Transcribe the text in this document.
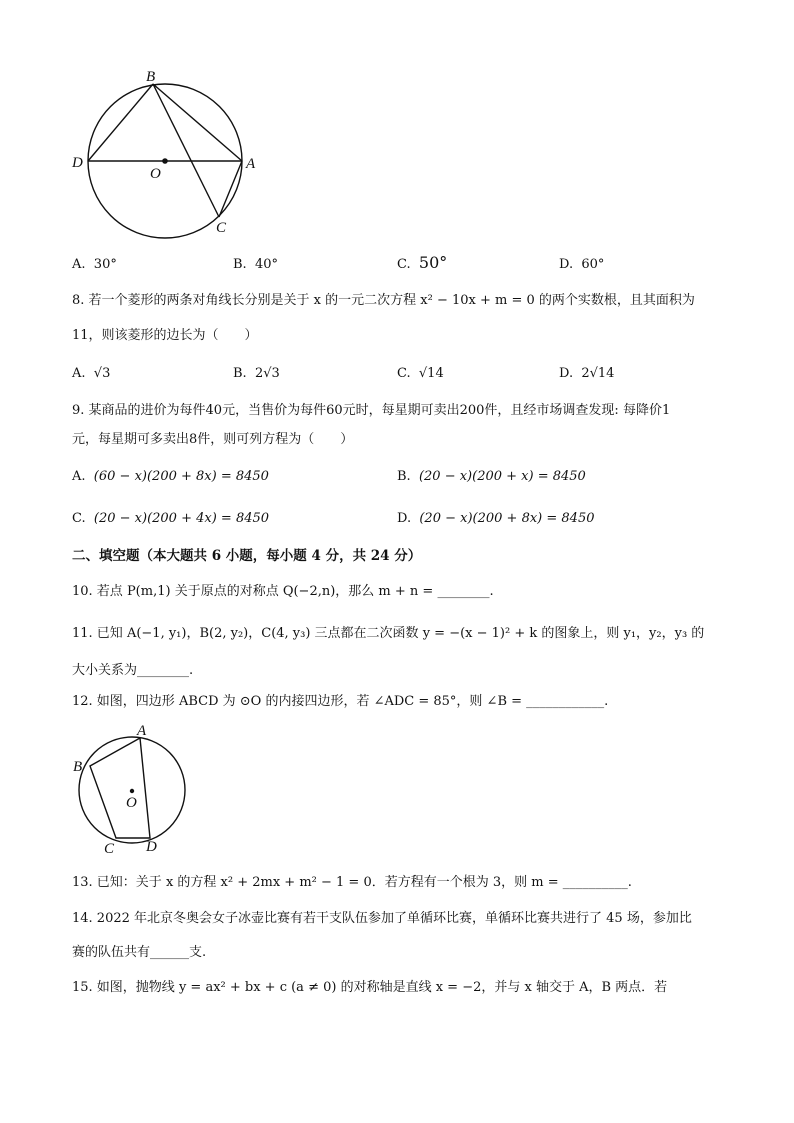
B
D
O
A
C
A. 30°	B. 40°	C. 50°	D. 60°
8. 若一个菱形的两条对角线长分别是关于 x 的一元二次方程 x² − 10x + m = 0 的两个实数根，且其面积为
11，则该菱形的边长为（　　）
A. √3	B. 2√3	C. √14	D. 2√14
9. 某商品的进价为每件40元，当售价为每件60元时，每星期可卖出200件，且经市场调查发现: 每降价1
元，每星期可多卖出8件，则可列方程为（　　）
A. (60 − x)(200 + 8x) = 8450	B. (20 − x)(200 + x) = 8450
C. (20 − x)(200 + 4x) = 8450	D. (20 − x)(200 + 8x) = 8450
二、填空题（本大题共 6 小题，每小题 4 分，共 24 分）
10. 若点 P(m,1) 关于原点的对称点 Q(−2,n)，那么 m + n = ________.
11. 已知 A(−1, y₁)，B(2, y₂)，C(4, y₃) 三点都在二次函数 y = −(x − 1)² + k 的图象上，则 y₁，y₂，y₃ 的
大小关系为________.
12. 如图，四边形 ABCD 为 ⊙O 的内接四边形，若 ∠ADC = 85°，则 ∠B = ____________.
A
B
O
C D
13. 已知：关于 x 的方程 x² + 2mx + m² − 1 = 0．若方程有一个根为 3，则 m = __________.
14. 2022 年北京冬奥会女子冰壶比赛有若干支队伍参加了单循环比赛，单循环比赛共进行了 45 场，参加比
赛的队伍共有______支.
15. 如图，抛物线 y = ax² + bx + c (a ≠ 0) 的对称轴是直线 x = −2，并与 x 轴交于 A，B 两点．若
